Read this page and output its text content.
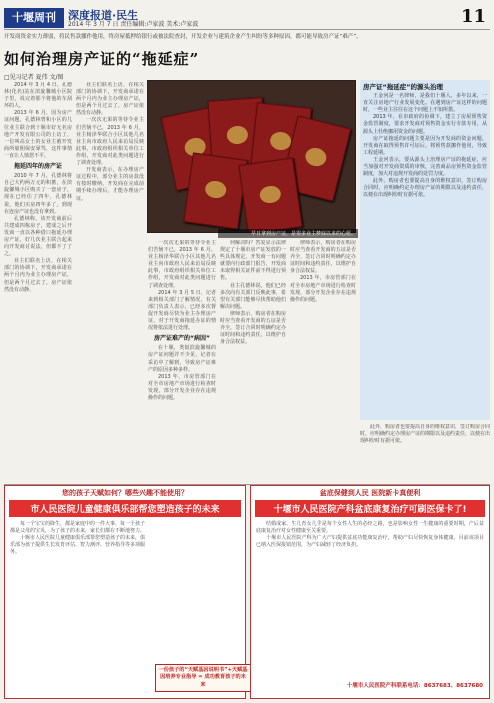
十堰周刊	深度报道·民生
2014 年 3 月 7 日 责任编辑:卢家波 美术:卢家波	11
开发商资金实力薄弱，将民售款挪作他用，终房屋抵押给银行或被法院查封，开发企业与建筑企业产生纠纷等多种原因，都可能导致房产证“难产”。
如何治理房产证的“拖延症”
□见习记者 夏伟 文/图

2014 年 3 月 4 日，孔德林(化名)站在滨旋馨城小区院子里，说完着那个将他的车刮坏的人。

2013 年 6 月，因为房产证问题，孔德林曾和小区的几位业主联合到十堰市好无名房地产开发有限公司的上访了，一位叫高女士的女业主被开发商所雇佣保安辱骂，这件事情一直让人愤怒不平。

拖延四年的房产证

2010 年 7 月，孔德林将自己大约两万元的积蓄，在滨旋馨城小区购买了一套房子，现在已经住了四年，孔德林说，他们买房四年多了，到现在连房产证也没有拿到。

孔德林称，该开发商前后共建成四栋房子，建成之后开发商一直以各种借口拖延办理房产证，好几次业主联合起来向开发商讨说法，但都不了了之。

业主们联名上访，在相关部门的协调下，开发商承诺在两个月内为业主办理房产证，但是两个月过去了，房产证依然没有动静。

业主们联名上访，在相关部门的协调下，开发商承诺在两个月内为业主办理房产证，但是两个月过去了，房产证依然没有动静。

一次次无果的等待令业主们苦恼不已，2013 年 6 月，业主杨泽华联合小区其他几名业主向市政府人民来访局反映此事，市政府组织相关单位工作组，开发商对此类问题进行了调查处理。

开发商表示，在办理房产证过程中，部分业主的房款没有按时缴纳，开发商在完成前期手续办理后，才能办理房产证。

早日拿到房产证，是很多业主梦寐以求的心愿。

一次次无果的等待令业主们苦恼不已，2013 年 6 月，业主杨泽华联合小区其他几名业主向市政府人民来访局反映此事，市政府组织相关单位工作组，开发商对此类问题进行了调查处理。

2014 年 3 月 5 日，记者来到相关部门了解情况，有关部门负责人表示，已经多次督促开发商尽快为业主办理房产证，对于开发商拖延办证的情况将依法进行处理。

房产证难产的“病因”

在十堰，类似滨旋馨城的房产证问题并不少见，记者在采访中了解到，导致房产证难产的原因多种多样。

2013 年，市房管部门在对全市房地产市场进行检查时发现，部分开发企业存在违规操作的问题。

何解决吗？答复显示法律规定了十堰市房产证发放的一些具体规定，开发商一有问题就要向行政部门报告，开发商未取得相关证件前不得进行预售。

业主孔德林说，他们已经多次向有关部门反映此事，希望有关部门能够尽快帮助他们解决问题。

律师表示，购房者在购房时应当查看开发商的五证是否齐全，签订合同时明确约定办证时间和违约责任，以维护自身合法权益。

律师表示，购房者在购房时应当查看开发商的五证是否齐全，签订合同时明确约定办证时间和违约责任，以维护自身合法权益。

2013 年，市房管部门在对全市房地产市场进行检查时发现，部分开发企业存在违规操作的问题。

房产证“拖延症”的源头治理

王金河是一名律师，是我们十堰人，多年以来，一直关注房地产行业发展变化。在遇到房产证这样的问题时，一些业主往往在这个问题上不知所措。

2013 年，在市政府的协调下，建立了房屋预售资金监管制度，要求开发商对预售资金实行专款专用，从源头上杜绝挪用资金的问题。

房产证拖延的问题主要是因为开发商的资金问题，开发商在取得预售许可证后，将预售款挪作他用，导致工程延期。

王金河表示，要从源头上治理房产证的拖延症，应当加强对开发商资质的审核，完善商品房预售资金监管制度，加大对违规开发商的处罚力度。

此外，购房者也要提高自身的维权意识，签订购房合同时，应明确约定办理房产证的期限以及违约责任，以便在出现纠纷时有据可依。

此外，购房者也要提高自身的维权意识，签订购房合同时，应明确约定办理房产证的期限以及违约责任，以便在出现纠纷时有据可依。

您的孩子天赋如何？哪些兴趣不能使用？
市人民医院儿童健康俱乐部帮您塑造孩子的未来

每一个宝宝的降生，都是家庭中的一件大事，每一个孩子都是父母的宝贝，为了孩子的未来，家长们都在不断地努力。

十堰市人民医院儿童健康俱乐部帮您塑造孩子的未来，俱乐部为孩子提供生长发育评估、智力测评、营养指导等多项服务。

一份孩子的“天赋基因说明书”+天赋基因培养专业指导 = 成功教育孩子的未来
盆底保健到人民 医院新卡真便利
十堰市人民医院产科盆底康复治疗可刷医保卡了!

结婚成家、生儿育女几乎是每个女性人生的必经之路，也是影响女性一生健康的重要时期，产后盆底康复治疗对女性健康至关重要。

十堰市人民医院产科为广大产妇提供盆底功能康复治疗，帮助产妇尽快恢复身体健康，目前该项目已纳入医保报销范围，为产妇减轻了经济负担。

十堰市人民医院产科联系电话：8637683、8637680
